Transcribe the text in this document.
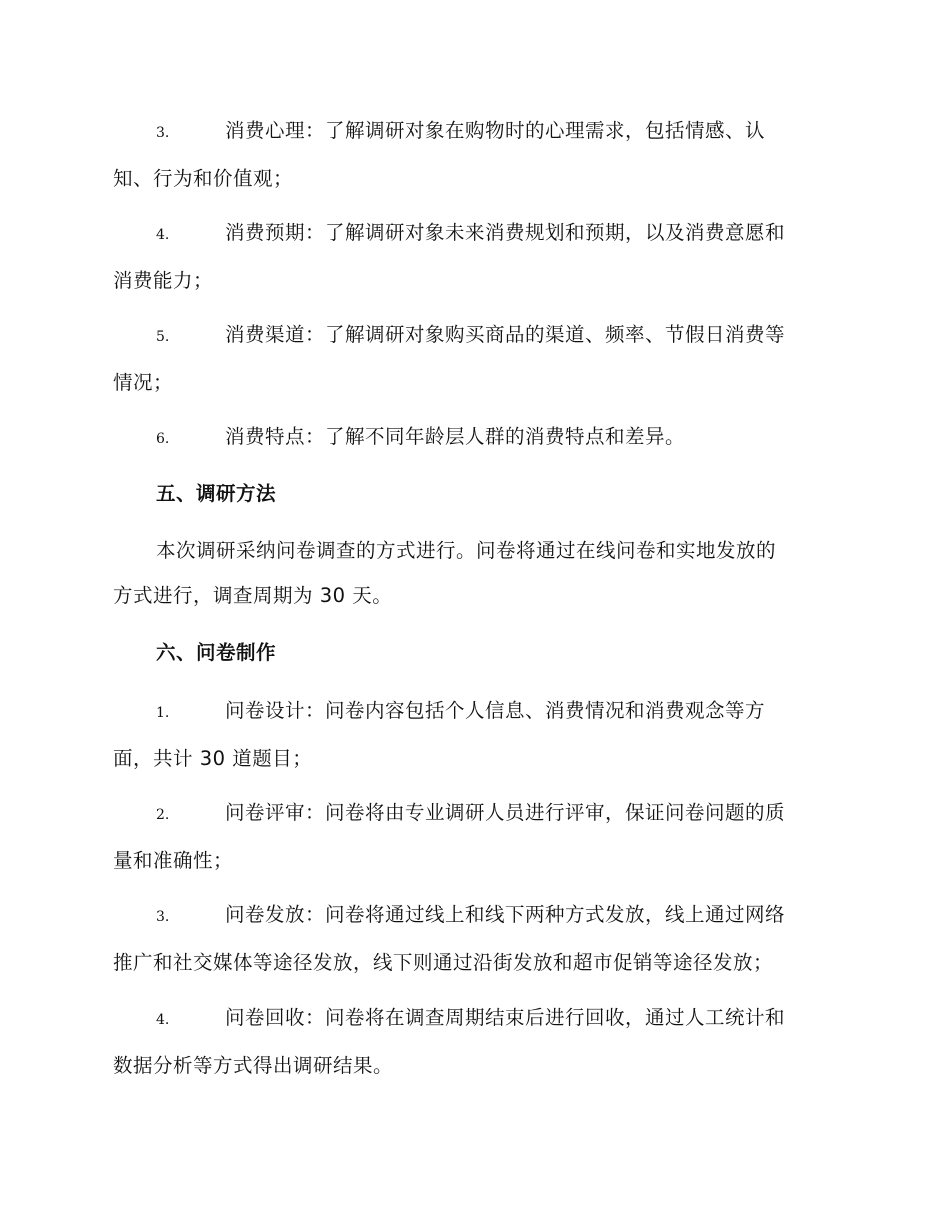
3.	消费心理：了解调研对象在购物时的心理需求，包括情感、认
知、行为和价值观；
4.	消费预期：了解调研对象未来消费规划和预期，以及消费意愿和
消费能力；
5.	消费渠道：了解调研对象购买商品的渠道、频率、节假日消费等
情况；
6.	消费特点：了解不同年龄层人群的消费特点和差异。
五、调研方法
本次调研采纳问卷调查的方式进行。问卷将通过在线问卷和实地发放的
方式进行，调查周期为 30 天。
六、问卷制作
1.	问卷设计：问卷内容包括个人信息、消费情况和消费观念等方
面，共计 30 道题目；
2.	问卷评审：问卷将由专业调研人员进行评审，保证问卷问题的质
量和准确性；
3.	问卷发放：问卷将通过线上和线下两种方式发放，线上通过网络
推广和社交媒体等途径发放，线下则通过沿街发放和超市促销等途径发放；
4.	问卷回收：问卷将在调查周期结束后进行回收，通过人工统计和
数据分析等方式得出调研结果。
